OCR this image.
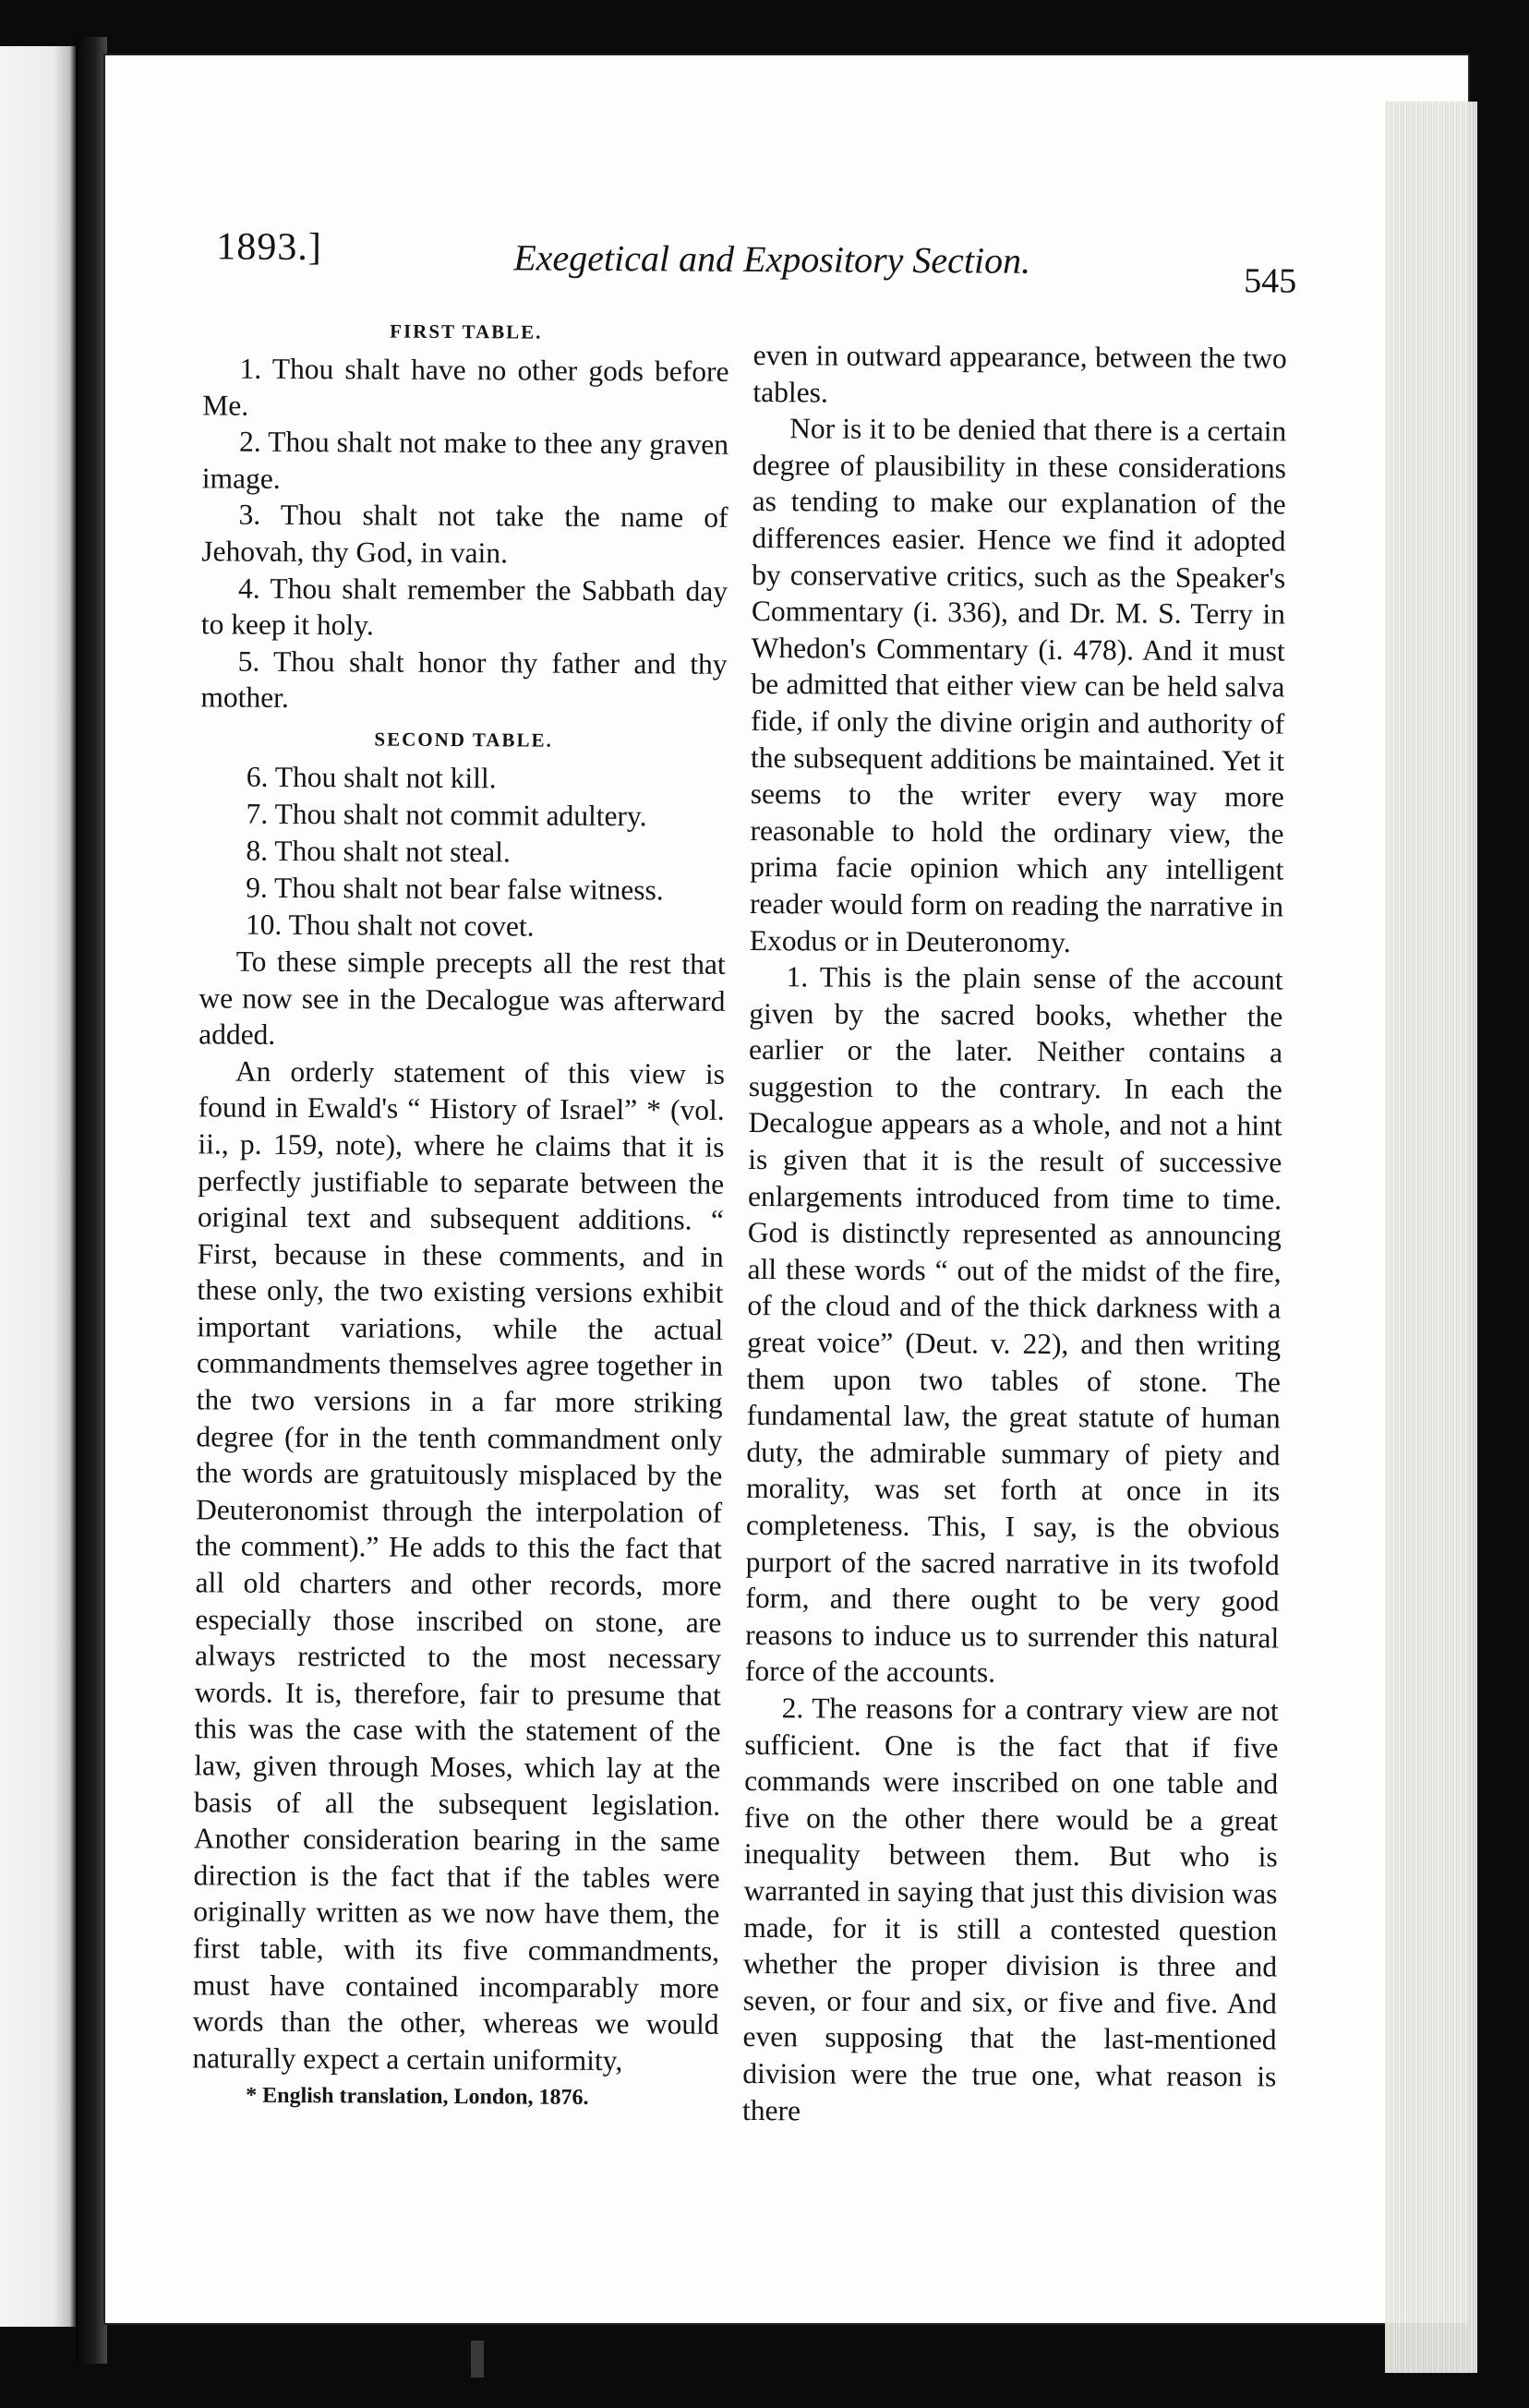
1893.]	Exegetical and Expository Section.	545
FIRST TABLE.

1. Thou shalt have no other gods before Me.

2. Thou shalt not make to thee any graven image.

3. Thou shalt not take the name of Jehovah, thy God, in vain.

4. Thou shalt remember the Sabbath day to keep it holy.

5. Thou shalt honor thy father and thy mother.

SECOND TABLE.

6. Thou shalt not kill.

7. Thou shalt not commit adultery.

8. Thou shalt not steal.

9. Thou shalt not bear false witness.

10. Thou shalt not covet.

To these simple precepts all the rest that we now see in the Decalogue was afterward added.

An orderly statement of this view is found in Ewald's “ History of Israel” * (vol. ii., p. 159, note), where he claims that it is perfectly justifiable to separate between the original text and subsequent additions. “ First, because in these comments, and in these only, the two existing versions exhibit important variations, while the actual commandments themselves agree together in the two versions in a far more striking degree (for in the tenth commandment only the words are gratuitously misplaced by the Deuteronomist through the interpolation of the comment).” He adds to this the fact that all old charters and other records, more especially those inscribed on stone, are always restricted to the most necessary words. It is, therefore, fair to presume that this was the case with the statement of the law, given through Moses, which lay at the basis of all the subsequent legislation. Another consideration bearing in the same direction is the fact that if the tables were originally written as we now have them, the first table, with its five commandments, must have contained incomparably more words than the other, whereas we would naturally expect a certain uniformity,

* English translation, London, 1876.

even in outward appearance, between the two tables.

Nor is it to be denied that there is a certain degree of plausibility in these considerations as tending to make our explanation of the differences easier. Hence we find it adopted by conservative critics, such as the Speaker's Commentary (i. 336), and Dr. M. S. Terry in Whedon's Commentary (i. 478). And it must be admitted that either view can be held salva fide, if only the divine origin and authority of the subsequent additions be maintained. Yet it seems to the writer every way more reasonable to hold the ordinary view, the prima facie opinion which any intelligent reader would form on reading the narrative in Exodus or in Deuteronomy.

1. This is the plain sense of the account given by the sacred books, whether the earlier or the later. Neither contains a suggestion to the contrary. In each the Decalogue appears as a whole, and not a hint is given that it is the result of successive enlargements introduced from time to time. God is distinctly represented as announcing all these words “ out of the midst of the fire, of the cloud and of the thick darkness with a great voice” (Deut. v. 22), and then writing them upon two tables of stone. The fundamental law, the great statute of human duty, the admirable summary of piety and morality, was set forth at once in its completeness. This, I say, is the obvious purport of the sacred narrative in its twofold form, and there ought to be very good reasons to induce us to surrender this natural force of the accounts.

2. The reasons for a contrary view are not sufficient. One is the fact that if five commands were inscribed on one table and five on the other there would be a great inequality between them. But who is warranted in saying that just this division was made, for it is still a contested question whether the proper division is three and seven, or four and six, or five and five. And even supposing that the last-mentioned division were the true one, what reason is there
